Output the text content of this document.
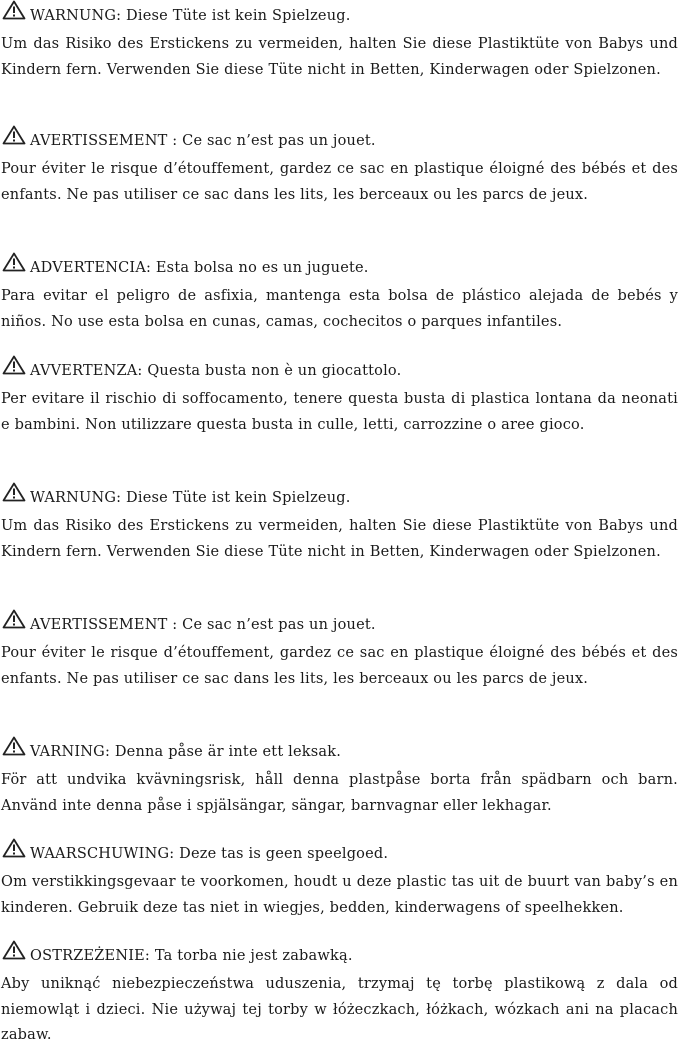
WARNUNG: Diese Tüte ist kein Spielzeug.
Um das Risiko des Erstickens zu vermeiden, halten Sie diese Plastiktüte von Babys und Kindern fern. Verwenden Sie diese Tüte nicht in Betten, Kinderwagen oder Spielzonen.
AVERTISSEMENT : Ce sac n’est pas un jouet.
Pour éviter le risque d’étouffement, gardez ce sac en plastique éloigné des bébés et des enfants. Ne pas utiliser ce sac dans les lits, les berceaux ou les parcs de jeux.
ADVERTENCIA: Esta bolsa no es un juguete.
Para evitar el peligro de asfixia, mantenga esta bolsa de plástico alejada de bebés y niños. No use esta bolsa en cunas, camas, cochecitos o parques infantiles.
AVVERTENZA: Questa busta non è un giocattolo.
Per evitare il rischio di soffocamento, tenere questa busta di plastica lontana da neonati e bambini. Non utilizzare questa busta in culle, letti, carrozzine o aree gioco.
WARNUNG: Diese Tüte ist kein Spielzeug.
Um das Risiko des Erstickens zu vermeiden, halten Sie diese Plastiktüte von Babys und Kindern fern. Verwenden Sie diese Tüte nicht in Betten, Kinderwagen oder Spielzonen.
AVERTISSEMENT : Ce sac n’est pas un jouet.
Pour éviter le risque d’étouffement, gardez ce sac en plastique éloigné des bébés et des enfants. Ne pas utiliser ce sac dans les lits, les berceaux ou les parcs de jeux.
VARNING: Denna påse är inte ett leksak.
För att undvika kvävningsrisk, håll denna plastpåse borta från spädbarn och barn. Använd inte denna påse i spjälsängar, sängar, barnvagnar eller lekhagar.
WAARSCHUWING: Deze tas is geen speelgoed.
Om verstikkingsgevaar te voorkomen, houdt u deze plastic tas uit de buurt van baby’s en kinderen. Gebruik deze tas niet in wiegjes, bedden, kinderwagens of speelhekken.
OSTRZEŻENIE: Ta torba nie jest zabawką.
Aby uniknąć niebezpieczeństwa uduszenia, trzymaj tę torbę plastikową z dala od niemowląt i dzieci. Nie używaj tej torby w łóżeczkach, łóżkach, wózkach ani na placach zabaw.
